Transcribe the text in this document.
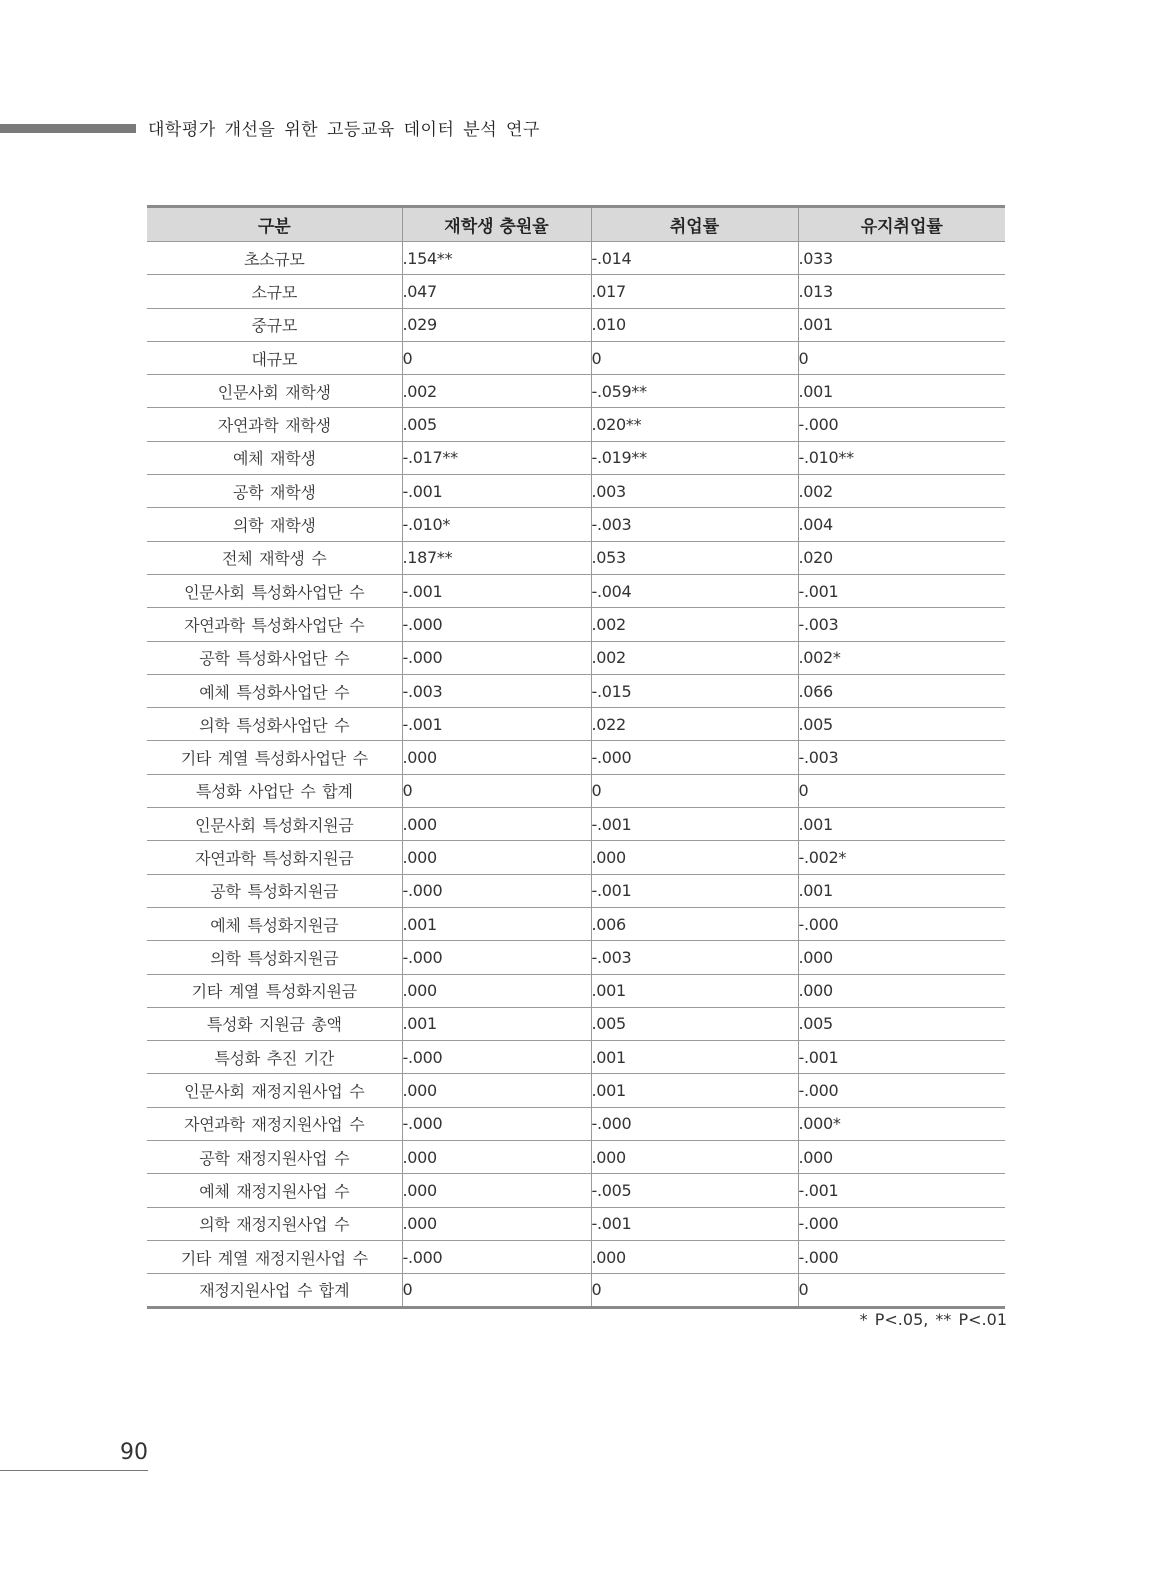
대학평가 개선을 위한 고등교육 데이터 분석 연구
구분	재학생 충원율	취업률	유지취업률
초소규모	.154**	-.014	.033
소규모	.047	.017	.013
중규모	.029	.010	.001
대규모	0	0	0
인문사회 재학생	.002	-.059**	.001
자연과학 재학생	.005	.020**	-.000
예체 재학생	-.017**	-.019**	-.010**
공학 재학생	-.001	.003	.002
의학 재학생	-.010*	-.003	.004
전체 재학생 수	.187**	.053	.020
인문사회 특성화사업단 수	-.001	-.004	-.001
자연과학 특성화사업단 수	-.000	.002	-.003
공학 특성화사업단 수	-.000	.002	.002*
예체 특성화사업단 수	-.003	-.015	.066
의학 특성화사업단 수	-.001	.022	.005
기타 계열 특성화사업단 수	.000	-.000	-.003
특성화 사업단 수 합계	0	0	0
인문사회 특성화지원금	.000	-.001	.001
자연과학 특성화지원금	.000	.000	-.002*
공학 특성화지원금	-.000	-.001	.001
예체 특성화지원금	.001	.006	-.000
의학 특성화지원금	-.000	-.003	.000
기타 계열 특성화지원금	.000	.001	.000
특성화 지원금 총액	.001	.005	.005
특성화 추진 기간	-.000	.001	-.001
인문사회 재정지원사업 수	.000	.001	-.000
자연과학 재정지원사업 수	-.000	-.000	.000*
공학 재정지원사업 수	.000	.000	.000
예체 재정지원사업 수	.000	-.005	-.001
의학 재정지원사업 수	.000	-.001	-.000
기타 계열 재정지원사업 수	-.000	.000	-.000
재정지원사업 수 합계	0	0	0
* P<.05, ** P<.01
90
